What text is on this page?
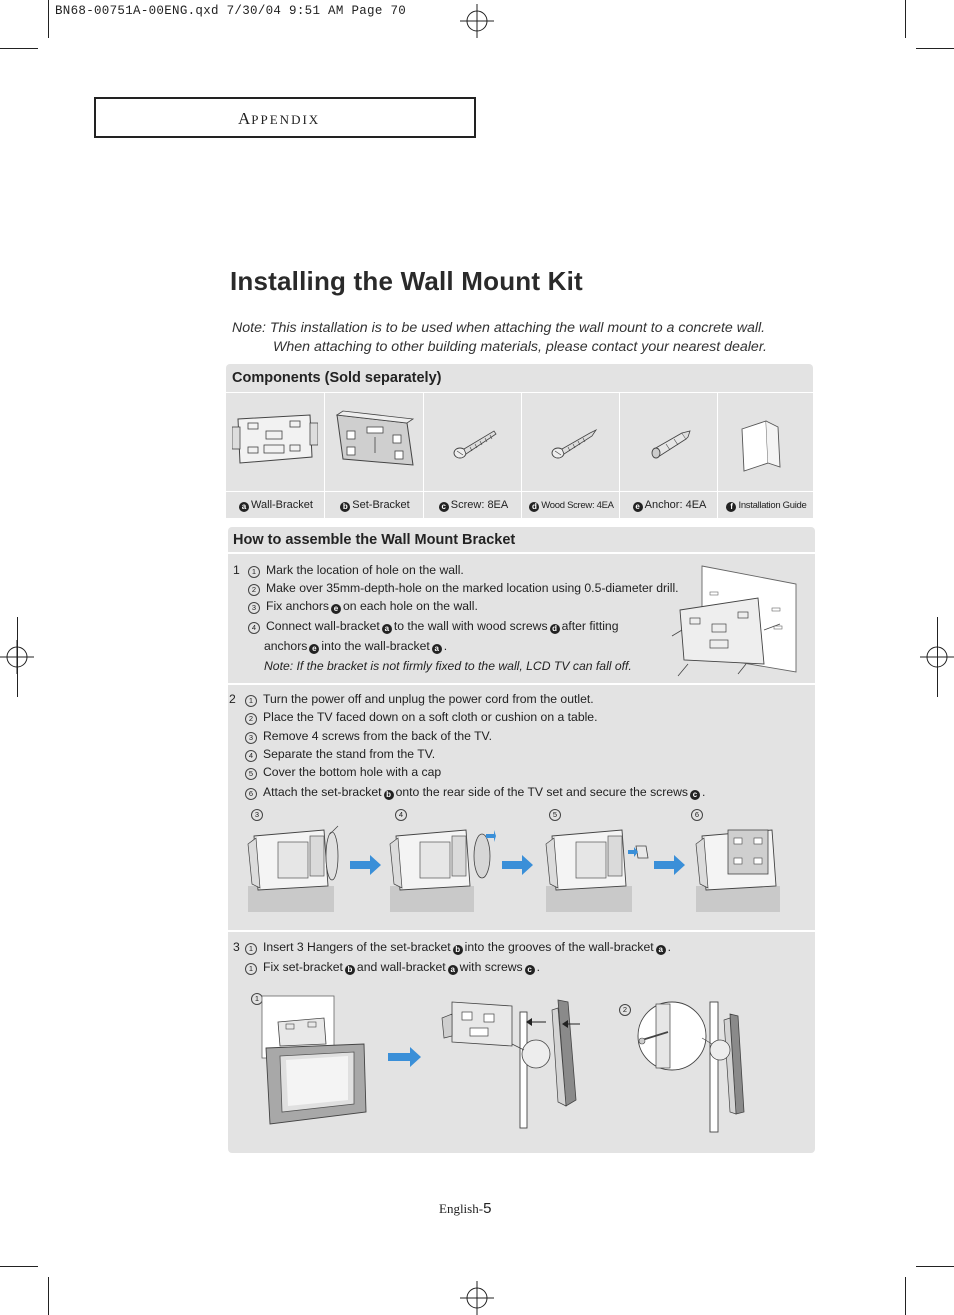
BN68-00751A-00ENG.qxd 7/30/04 9:51 AM Page 70
APPENDIX
Installing the Wall Mount Kit
Note: This installation is to be used when attaching the wall mount to a concrete wall.
When attaching to other building materials, please contact your nearest dealer.
Components (Sold separately)
a Wall-Bracket	b Set-Bracket	c Screw: 8EA	d Wood Screw: 4EA	e Anchor: 4EA	f Installation Guide
How to assemble the Wall Mount Bracket
1	1 Mark the location of hole on the wall.
2 Make over 35mm-depth-hole on the marked location using 0.5-diameter drill.
3 Fix anchors e on each hole on the wall.
4 Connect wall-bracket a to the wall with wood screws d after fitting
anchors e into the wall-bracket a .
Note: If the bracket is not firmly fixed to the wall, LCD TV can fall off.
2	1 Turn the power off and unplug the power cord from the outlet.
2 Place the TV faced down on a soft cloth or cushion on a table.
3 Remove 4 screws from the back of the TV.
4 Separate the stand from the TV.
5 Cover the bottom hole with a cap
6 Attach the set-bracket b onto the rear side of the TV set and secure the screws c .
3	4	5	6
3	1 Insert 3 Hangers of the set-bracket b into the grooves of the wall-bracket a .
1 Fix set-bracket b and wall-bracket a with screws c .
1
2
English-5
